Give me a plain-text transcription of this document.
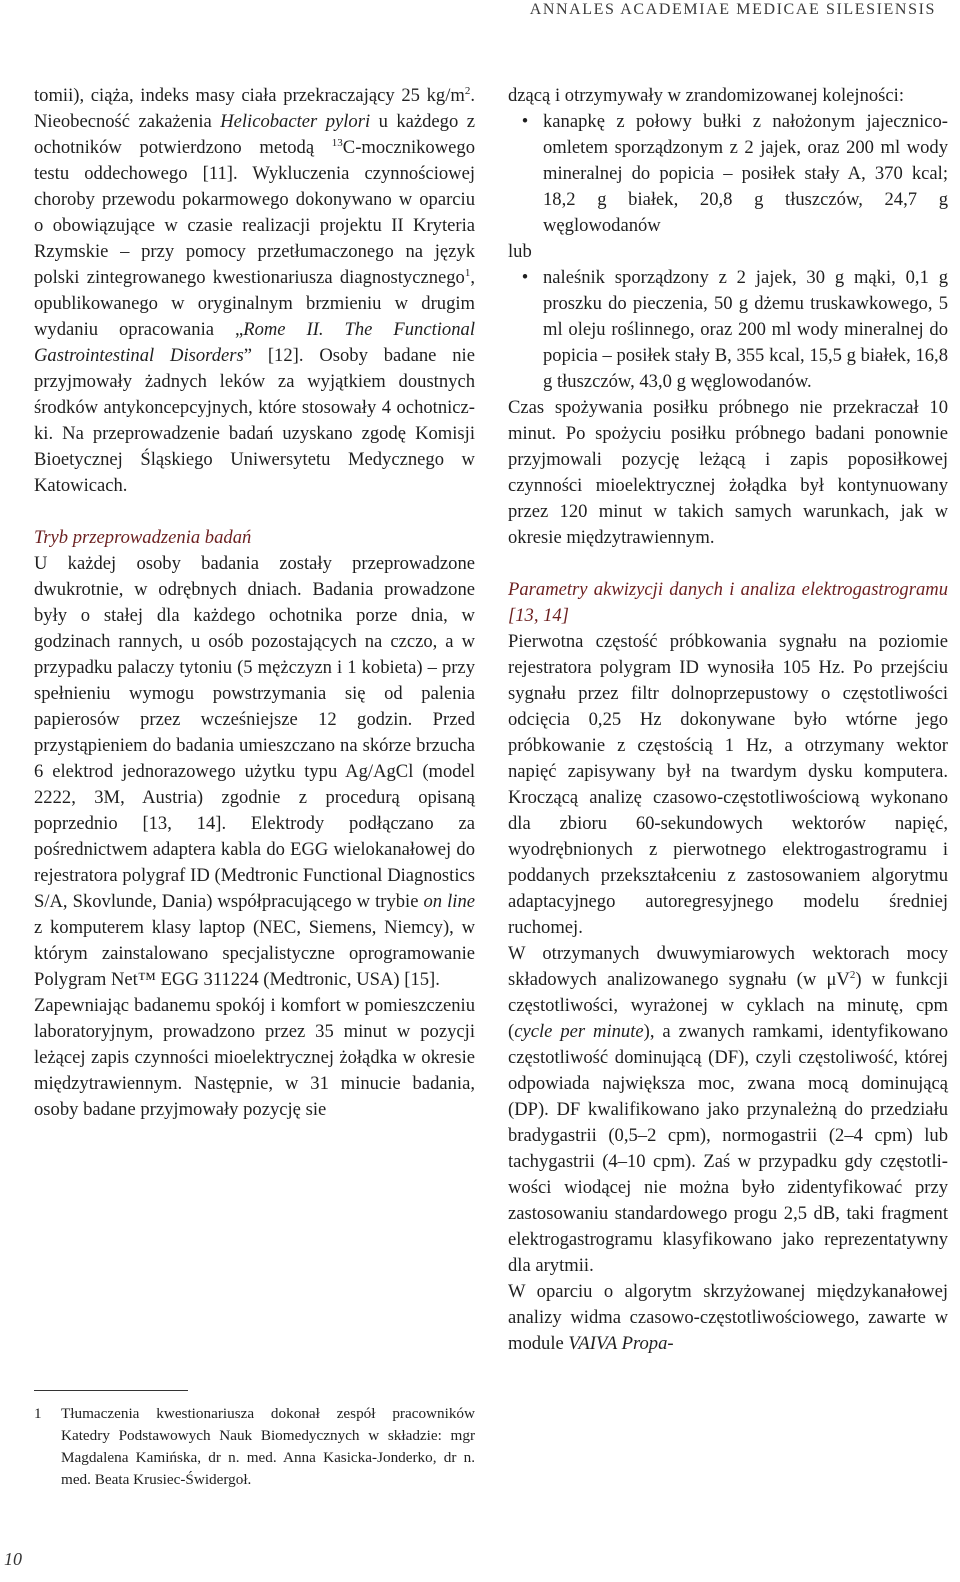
ANNALES ACADEMIAE MEDICAE SILESIENSIS

tomii), ciąża, indeks masy ciała przekraczający 25 $kg/m^2$. Nieobecność zakażenia Helicobacter pylori u każdego z ochotników potwierdzono metodą $^{13}$C-mocznikowego testu oddechowego [11]. Wykluczenia czynnościowej choroby przewodu pokarmowego dokonywano w oparciu o obowiązujące w czasie realizacji projektu II Kryteria Rzymskie – przy pomocy przetłumaczonego na język polski zintegrowanego kwestionariusza diagnostycznego$^1$, opublikowanego w oryginalnym brzmieniu w drugim wydaniu opracowania „Rome II. The Functional Gastrointestinal Disorders” [12]. Osoby badane nie przyjmowały żadnych leków za wyjątkiem doustnych środków antykoncepcyjnych, które stosowały 4 ochotniczki. Na przeprowadzenie badań uzyskano zgodę Komisji Bioetycznej Śląskiego Uniwersytetu Medycznego w Katowicach.

Tryb przeprowadzenia badań

U każdej osoby badania zostały przeprowadzone dwukrotnie, w odrębnych dniach. Badania prowadzone były o stałej dla każdego ochotnika porze dnia, w godzinach rannych, u osób pozostających na czczo, a w przypadku palaczy tytoniu (5 mężczyzn i 1 kobieta) – przy spełnieniu wymogu powstrzymania się od palenia papierosów przez wcześniejsze 12 godzin. Przed przystąpieniem do badania umieszczano na skórze brzucha 6 elektrod jednorazowego użytku typu Ag/AgCl (model 2222, 3M, Austria) zgodnie z procedurą opisaną poprzednio [13, 14]. Elektrody podłączano za pośrednictwem adaptera kabla do EGG wielokanałowej do rejestratora polygraf ID (Medtronic Functional Diagnostics S/A, Skovlunde, Dania) współpracującego w trybie on line z komputerem klasy laptop (NEC, Siemens, Niemcy), w którym zainstalowano specjalistyczne oprogramowanie Polygram Net™ EGG 311224 (Medtronic, USA) [15].

Zapewniając badanemu spokój i komfort w pomieszczeniu laboratoryjnym, prowadzono przez 35 minut w pozycji leżącej zapis czynności mioelektrycznej żołądka w okresie międzytrawiennym. Następnie, w 31 minucie badania, osoby badane przyjmowały pozycję sie

1 Tłumaczenia kwestionariusza dokonał zespół pracowników Katedry Podstawowych Nauk Biomedycznych w składzie: mgr Magdalena Kamińska, dr n. med. Anna Kasicka-Jonderko, dr n. med. Beata Krusiec-Świdergoł.

dzącą i otrzymywały w zrandomizowanej kolejności:

• kanapkę z połowy bułki z nałożonym jajecznico-omletem sporządzonym z 2 jajek, oraz 200 ml wody mineralnej do popicia – posiłek stały A, 370 kcal; 18,2 g białek, 20,8 g tłuszczów, 24,7 g węglowodanów

lub

• naleśnik sporządzony z 2 jajek, 30 g mąki, 0,1 g proszku do pieczenia, 50 g dżemu truskawkowego, 5 ml oleju roślinnego, oraz 200 ml wody mineralnej do popicia – posiłek stały B, 355 kcal, 15,5 g białek, 16,8 g tłuszczów, 43,0 g węglowodanów.

Czas spożywania posiłku próbnego nie przekraczał 10 minut. Po spożyciu posiłku próbnego badani ponownie przyjmowali pozycję leżącą i zapis poposiłkowej czynności mioelektrycznej żołądka był kontynuowany przez 120 minut w takich samych warunkach, jak w okresie międzytrawiennym.

Parametry akwizycji danych i analiza elektrogastrogramu [13, 14]

Pierwotna częstość próbkowania sygnału na poziomie rejestratora polygram ID wynosiła 105 Hz. Po przejściu sygnału przez filtr dolnoprzepustowy o częstotliwości odcięcia 0,25 Hz dokonywane było wtórne jego próbkowanie z częstością 1 Hz, a otrzymany wektor napięć zapisywany był na twardym dysku komputera. Kroczącą analizę czasowo-częstotliwościową wykonano dla zbioru 60-sekundowych wektorów napięć, wyodrębnionych z pierwotnego elektrogastrogramu i poddanych przekształceniu z zastosowaniem algorytmu adaptacyjnego autoregresyjnego modelu średniej ruchomej.

W otrzymanych dwuwymiarowych wektorach mocy składowych analizowanego sygnału (w $\mu V^2$) w funkcji częstotliwości, wyrażonej w cyklach na minutę, cpm (cycle per minute), a zwanych ramkami, identyfikowano częstotliwość dominującą (DF), czyli częstoliwość, której odpowiada największa moc, zwana mocą dominującą (DP). DF kwalifikowano jako przynależną do przedziału bradygastrii (0,5–2 cpm), normogastrii (2–4 cpm) lub tachygastrii (4–10 cpm). Zaś w przypadku gdy częstotliwości wiodącej nie można było zidentyfikować przy zastosowaniu standardowego progu 2,5 dB, taki fragment elektrogastrogramu klasyfikowano jako reprezentatywny dla arytmii.

W oparciu o algorytm skrzyżowanej międzykanałowej analizy widma czasowo-częstotliwościowego, zawarte w module VAIVA Propa-

10
